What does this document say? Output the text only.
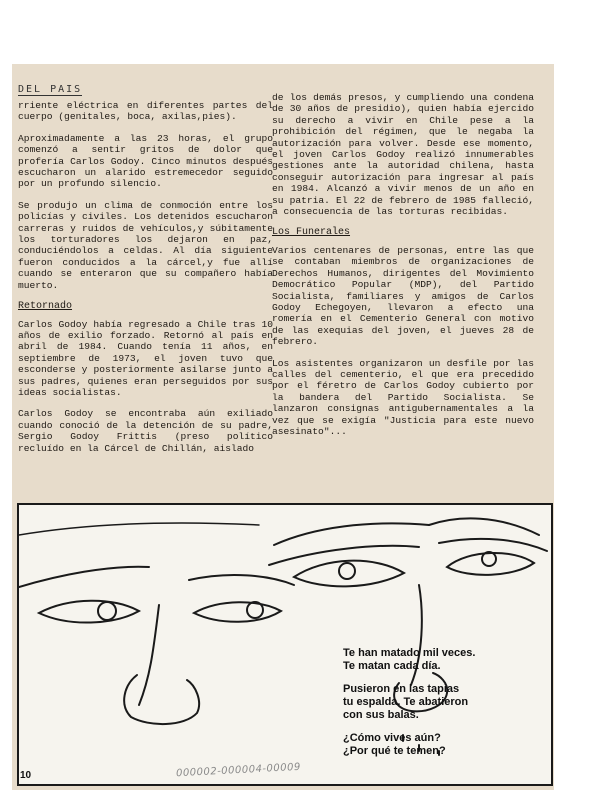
DEL PAIS

rriente eléctrica en diferentes partes del cuerpo (genitales, boca, axilas,pies).

Aproximadamente a las 23 horas, el grupo comenzó a sentir gritos de dolor que profería Carlos Godoy. Cinco minutos después escucharon un alarido estremecedor seguido por un profundo silencio.

Se produjo un clima de conmoción entre los policías y civiles. Los detenidos escucharon carreras y ruidos de vehículos,y súbitamente los torturadores los dejaron en paz, conduciéndolos a celdas. Al día siguiente fueron conducidos a la cárcel,y fue allí cuando se enteraron que su compañero había muerto.

Retornado

Carlos Godoy había regresado a Chile tras 10 años de exilio forzado. Retornó al país en abril de 1984. Cuando tenía 11 años, en septiembre de 1973, el joven tuvo que esconderse y posteriormente asilarse junto a sus padres, quienes eran perseguidos por sus ideas socialistas.

Carlos Godoy se encontraba aún exiliado cuando conoció de la detención de su padre, Sergio Godoy Frittis (preso político recluído en la Cárcel de Chillán, aislado

de los demás presos, y cumpliendo una condena de 30 años de presidio), quien había ejercido su derecho a vivir en Chile pese a la prohibición del régimen, que le negaba la autorización para volver. Desde ese momento, el joven Carlos Godoy realizó innumerables gestiones ante la autoridad chilena, hasta conseguir autorización para ingresar al país en 1984. Alcanzó a vivir menos de un año en su patria. El 22 de febrero de 1985 falleció, a consecuencia de las torturas recibidas.

Los Funerales

Varios centenares de personas, entre las que se contaban miembros de organizaciones de Derechos Humanos, dirigentes del Movimiento Democrático Popular (MDP), del Partido Socialista, familiares y amigos de Carlos Godoy Echegoyen, llevaron a efecto una romería en el Cementerio General con motivo de las exequias del joven, el jueves 28 de febrero.

Los asistentes organizaron un desfile por las calles del cementerio, el que era precedido por el féretro de Carlos Godoy cubierto por la bandera del Partido Socialista. Se lanzaron consignas antigubernamentales a la vez que se exigía "Justicia para este nuevo asesinato"...

Te han matado mil veces.
Te matan cada día.
Pusieron en las tapias
tu espalda. Te abatieron
con sus balas.
¿Cómo vives aún?
¿Por qué te temen?
10	000002-000004-00009
